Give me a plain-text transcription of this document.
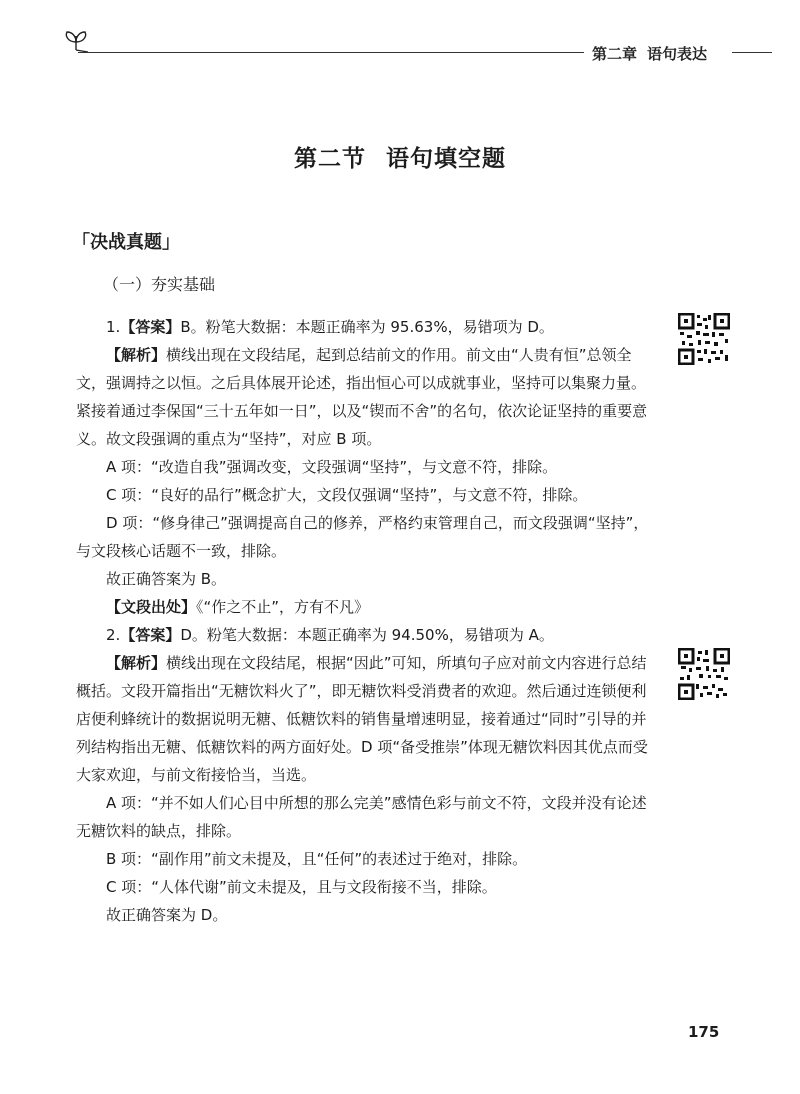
第二章 语句表达
第二节 语句填空题
「决战真题」
（一）夯实基础

1.【答案】B。粉笔大数据：本题正确率为 95.63%，易错项为 D。

【解析】横线出现在文段结尾，起到总结前文的作用。前文由“人贵有恒”总领全文，强调持之以恒。之后具体展开论述，指出恒心可以成就事业，坚持可以集聚力量。紧接着通过李保国“三十五年如一日”，以及“锲而不舍”的名句，依次论证坚持的重要意义。故文段强调的重点为“坚持”，对应 B 项。

A 项：“改造自我”强调改变，文段强调“坚持”，与文意不符，排除。

C 项：“良好的品行”概念扩大，文段仅强调“坚持”，与文意不符，排除。

D 项：“修身律己”强调提高自己的修养，严格约束管理自己，而文段强调“坚持”，与文段核心话题不一致，排除。

故正确答案为 B。

【文段出处】《“作之不止”，方有不凡》

2.【答案】D。粉笔大数据：本题正确率为 94.50%，易错项为 A。

【解析】横线出现在文段结尾，根据“因此”可知，所填句子应对前文内容进行总结概括。文段开篇指出“无糖饮料火了”，即无糖饮料受消费者的欢迎。然后通过连锁便利店便利蜂统计的数据说明无糖、低糖饮料的销售量增速明显，接着通过“同时”引导的并列结构指出无糖、低糖饮料的两方面好处。D 项“备受推崇”体现无糖饮料因其优点而受大家欢迎，与前文衔接恰当，当选。

A 项：“并不如人们心目中所想的那么完美”感情色彩与前文不符，文段并没有论述无糖饮料的缺点，排除。

B 项：“副作用”前文未提及，且“任何”的表述过于绝对，排除。

C 项：“人体代谢”前文未提及，且与文段衔接不当，排除。

故正确答案为 D。

175
